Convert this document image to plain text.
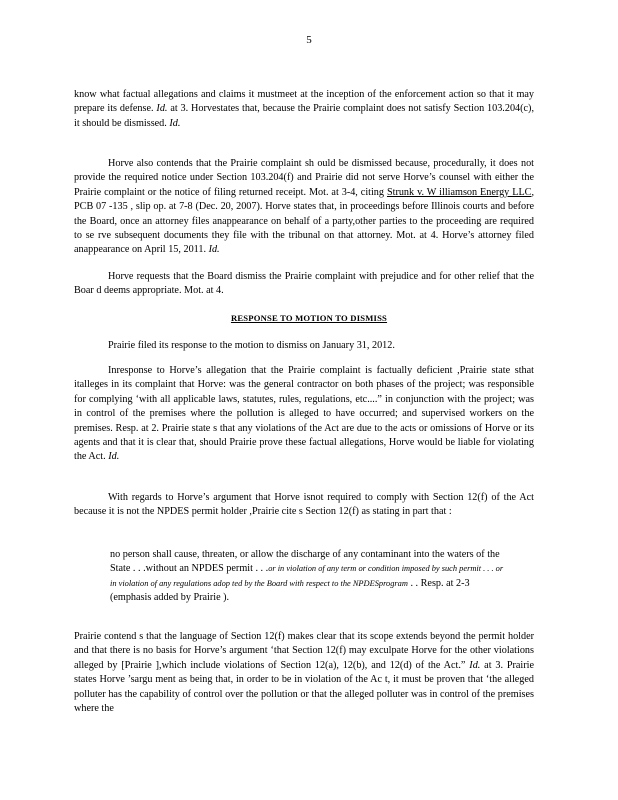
5

know what factual allegations and claims it mustmeet at the inception of the enforcement action so that it may prepare its defense. Id. at 3. Horvestates that, because the Prairie complaint does not satisfy Section 103.204(c), it should be dismissed. Id.

Horve also contends that the Prairie complaint sh ould be dismissed because, procedurally, it does not provide the required notice under Section 103.204(f) and Prairie did not serve Horve’s counsel with either the Prairie complaint or the notice of filing returned receipt. Mot. at 3-4, citing Strunk v. W illiamson Energy LLC, PCB 07 -135 , slip op. at 7-8 (Dec. 20, 2007). Horve states that, in proceedings before Illinois courts and before the Board, once an attorney files anappearance on behalf of a party,other parties to the proceeding are required to se rve subsequent documents they file with the tribunal on that attorney. Mot. at 4. Horve’s attorney filed anappearance on April 15, 2011. Id.

Horve requests that the Board dismiss the Prairie complaint with prejudice and for other relief that the Boar d deems appropriate. Mot. at 4.

RESPONSE TO MOTION TO DISMISS

Prairie filed its response to the motion to dismiss on January 31, 2012.

Inresponse to Horve’s allegation that the Prairie complaint is factually deficient ,Prairie state sthat italleges in its complaint that Horve: was the general contractor on both phases of the project; was responsible for complying ‘with all applicable laws, statutes, rules, regulations, etc....” in conjunction with the project; was in control of the premises where the pollution is alleged to have occurred; and supervised workers on the premises. Resp. at 2. Prairie state s that any violations of the Act are due to the acts or omissions of Horve or its agents and that it is clear that, should Prairie prove these factual allegations, Horve would be liable for violating the Act. Id.

With regards to Horve’s argument that Horve isnot required to comply with Section 12(f) of the Act because it is not the NPDES permit holder ,Prairie cite s Section 12(f) as stating in part that :

no person shall cause, threaten, or allow the discharge of any contaminant into the waters of the State . . .without an NPDES permit . . .or in violation of any term or condition imposed by such permit . . . or in violation of any regulations adop ted by the Board with respect to the NPDESprogram . . Resp. at 2-3 (emphasis added by Prairie ).

Prairie contend s that the language of Section 12(f) makes clear that its scope extends beyond the permit holder and that there is no basis for Horve’s argument ‘that Section 12(f) may exculpate Horve for the other violations alleged by [Prairie ],which include violations of Section 12(a), 12(b), and 12(d) of the Act.” Id. at 3. Prairie states Horve ’sargu ment as being that, in order to be in violation of the Ac t, it must be proven that ‘the alleged polluter has the capability of control over the pollution or that the alleged polluter was in control of the premises where the
